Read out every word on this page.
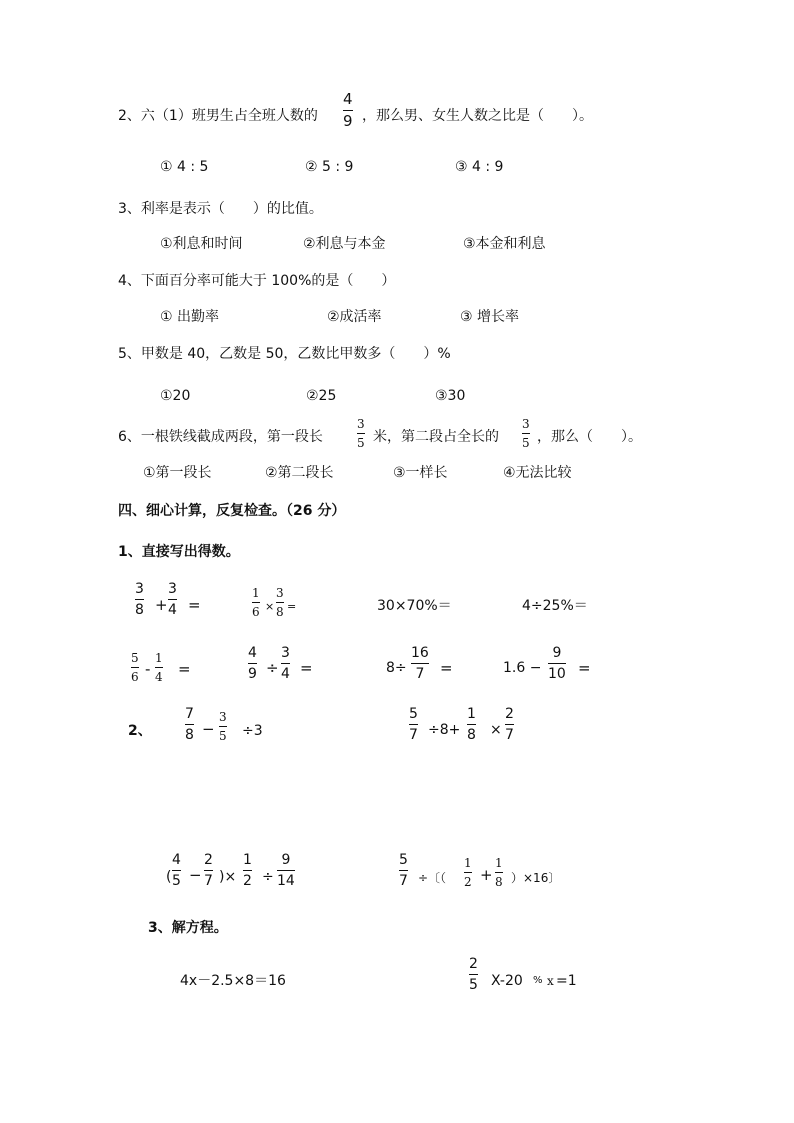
2、六（1）班男生占全班人数的
4
9 ，那么男、女生人数之比是（　　）。
① 4 : 5	② 5 : 9	③ 4 : 9
3、利率是表示（　　）的比值。
①利息和时间	②利息与本金	③本金和利息
4、下面百分率可能大于 100%的是（　　）
① 出勤率	②成活率	③ 增长率
5、甲数是 40，乙数是 50，乙数比甲数多（　　）%
①20	②25	③30
6、一根铁线截成两段，第一段长
3
5 米，第二段占全长的
3
5 ，那么（　　）。
①第一段长	②第二段长	③一样长	④无法比较
四、细心计算，反复检查。（26 分）
1、直接写出得数。
3
8 +
3
4 =
1
6 ×
3
8 =	30×70%＝	4÷25%＝
5
6 -
1
4 =
4
9 ÷
3
4 =	8÷
16
7 =	1.6 −
9
10 =
2、
7
8 −
3
5 ÷3
5
7 ÷8+
1
8 ×
2
7
(
4
5 −
2
7 )×
1
2 ÷
9
14
5
7 ÷〔（
1
2 +
1
8 ）×16〕
3、解方程。
4x－2.5×8＝16
2
5 X-20 % x =1
